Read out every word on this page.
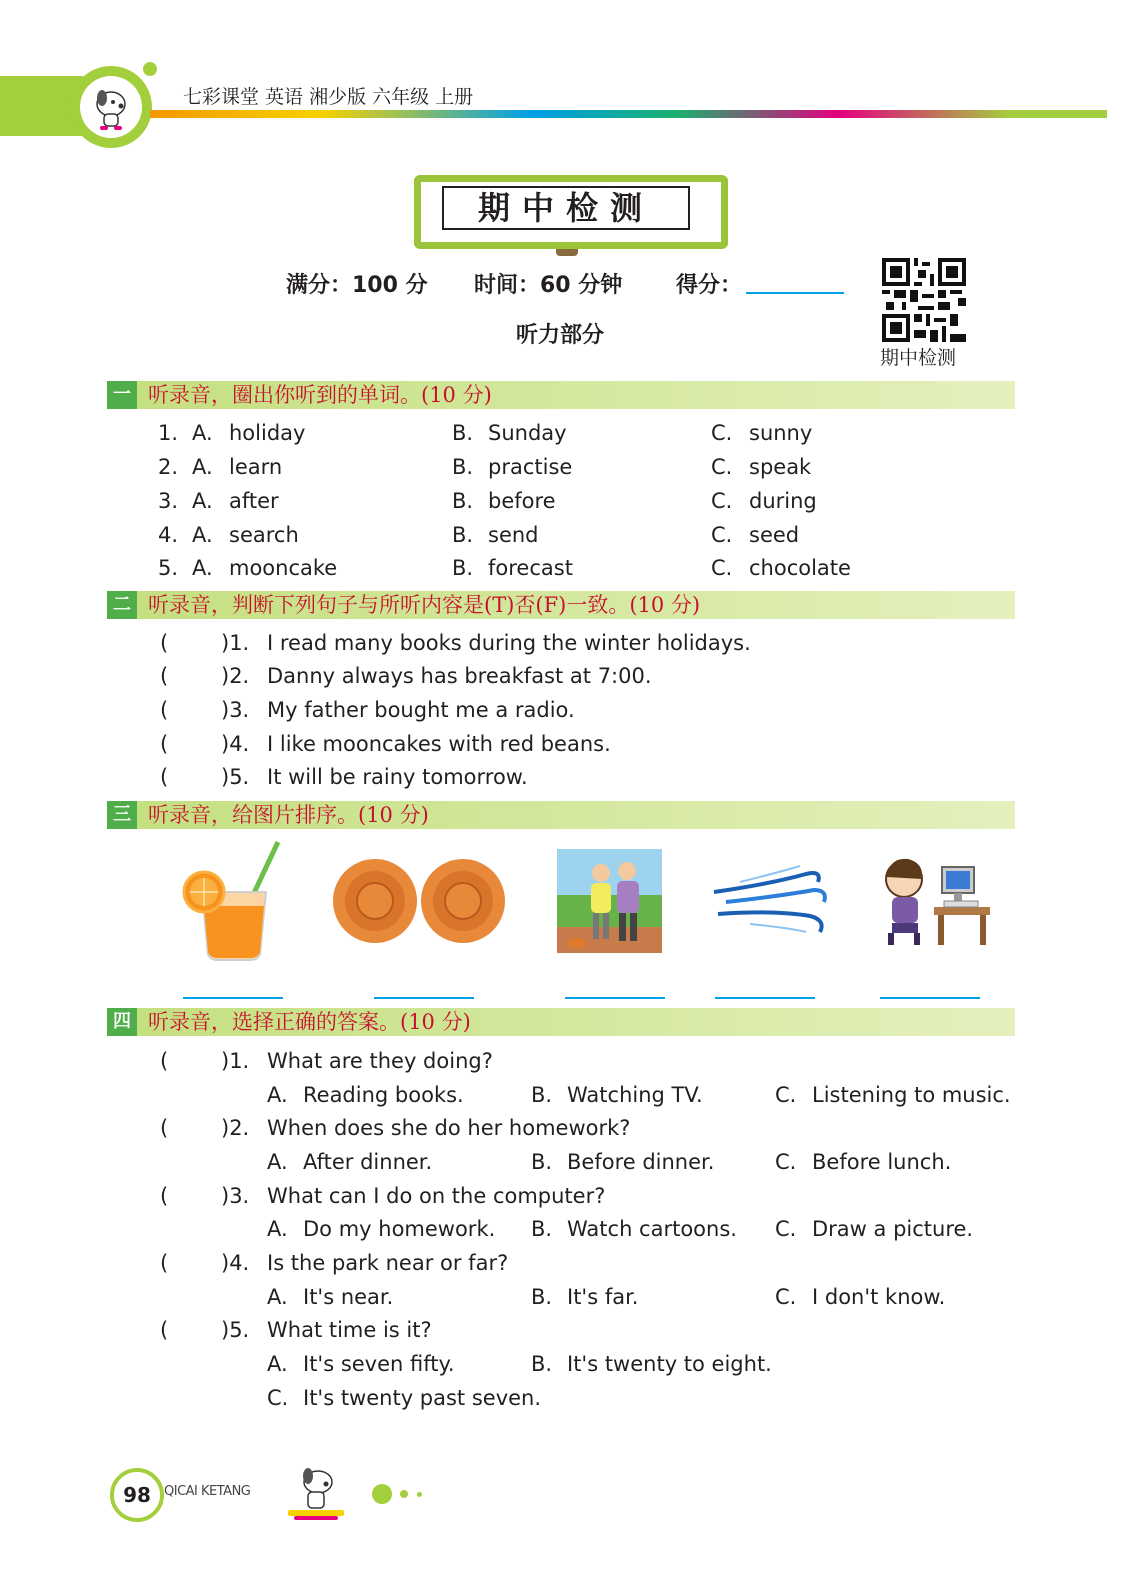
七彩课堂 英语 湘少版 六年级 上册
期中检测
满分：100 分 时间：60 分钟 得分：
听力部分
期中检测
一 听录音，圈出你听到的单词。(10 分)
1. A. holiday	B. Sunday	C. sunny
2. A. learn	B. practise	C. speak
3. A. after	B. before	C. during
4. A. search	B. send	C. seed
5. A. mooncake	B. forecast	C. chocolate
二 听录音，判断下列句子与所听内容是(T)否(F)一致。(10 分)
(	)1. I read many books during the winter holidays.
(	)2. Danny always has breakfast at 7:00.
(	)3. My father bought me a radio.
(	)4. I like mooncakes with red beans.
(	)5. It will be rainy tomorrow.
三 听录音，给图片排序。(10 分)
四 听录音，选择正确的答案。(10 分)
(	)1. What are they doing?
A. Reading books.	B. Watching TV.	C. Listening to music.
(	)2. When does she do her homework?
A. After dinner.	B. Before dinner.	C. Before lunch.
(	)3. What can I do on the computer?
A. Do my homework. B. Watch cartoons. C. Draw a picture.
(	)4. Is the park near or far?
A. It's near.	B. It's far.	C. I don't know.
(	)5. What time is it?
A. It's seven fifty.	B. It's twenty to eight.
C. It's twenty past seven.
98	QICAI KETANG
